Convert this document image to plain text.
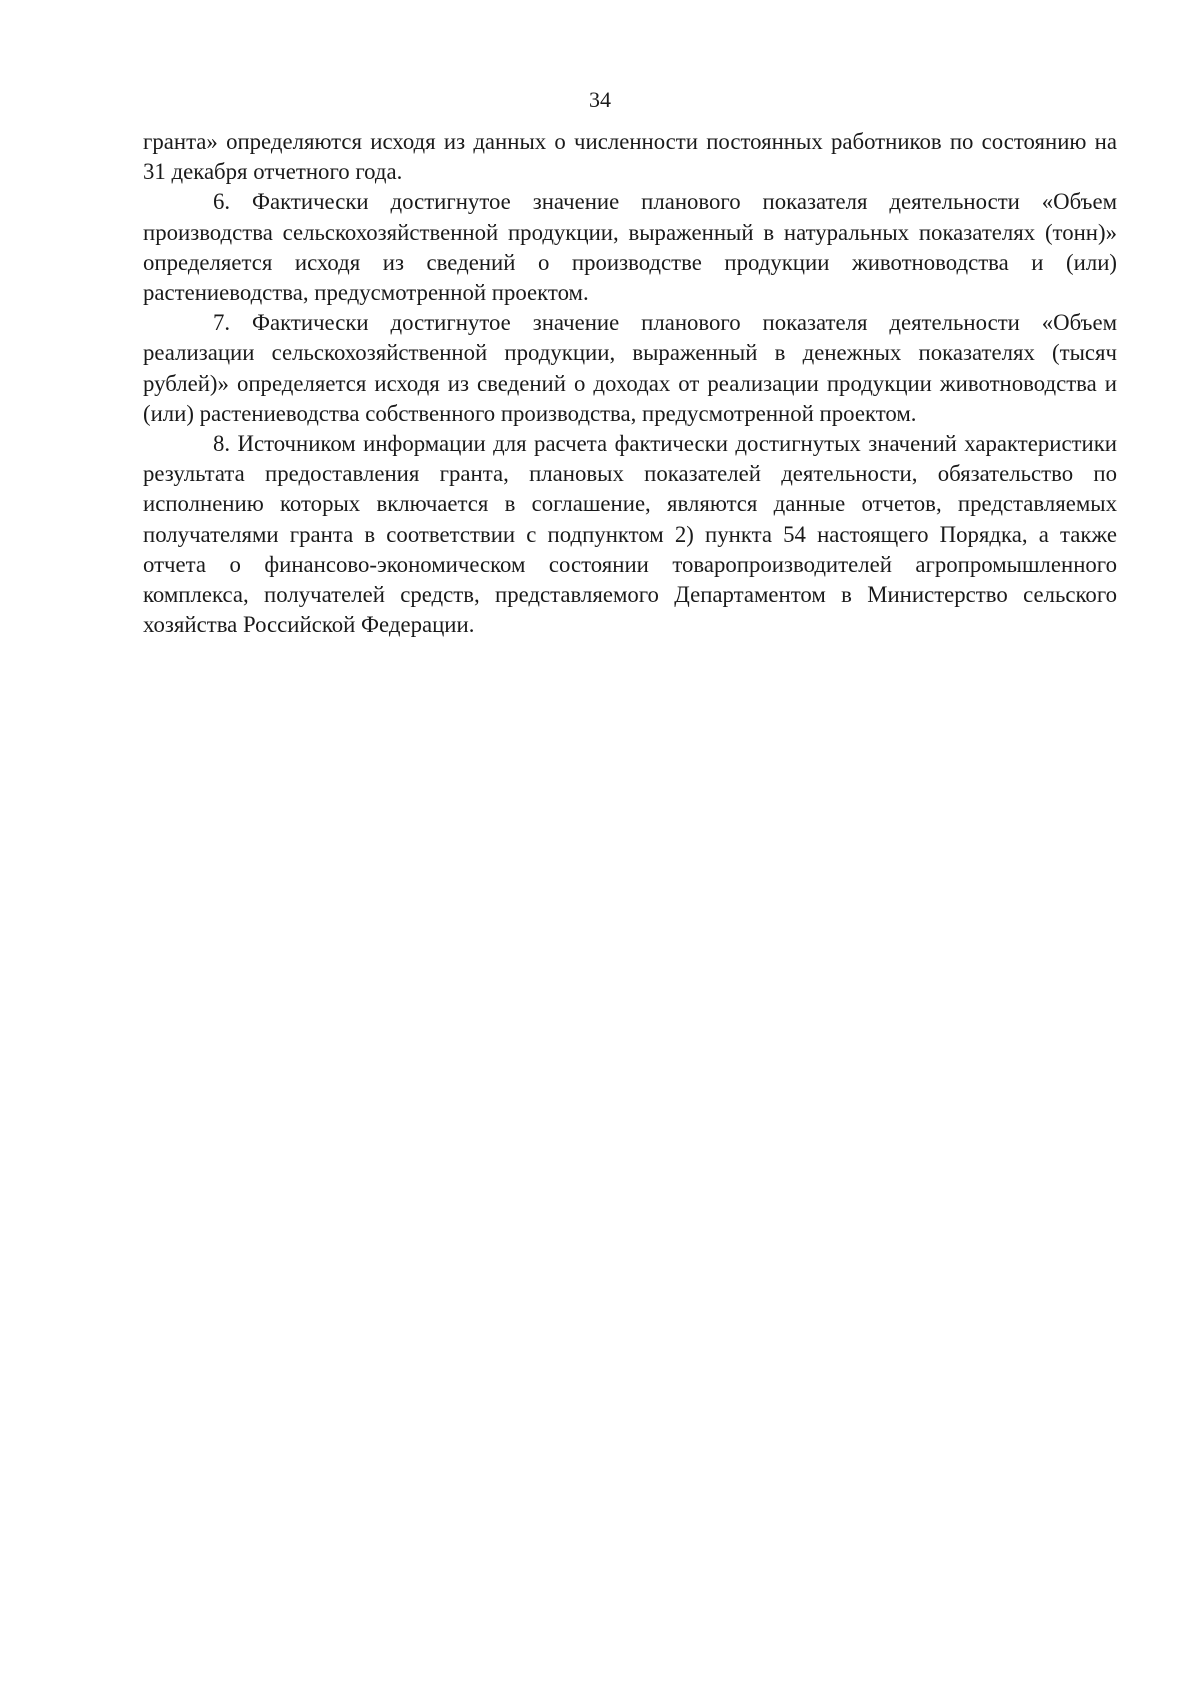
34

гранта» определяются исходя из данных о численности постоянных работников по состоянию на 31 декабря отчетного года.

6. Фактически достигнутое значение планового показателя деятельности «Объем производства сельскохозяйственной продукции, выраженный в натуральных показателях (тонн)» определяется исходя из сведений о производстве продукции животноводства и (или) растениеводства, предусмотренной проектом.

7. Фактически достигнутое значение планового показателя деятельности «Объем реализации сельскохозяйственной продукции, выраженный в денежных показателях (тысяч рублей)» определяется исходя из сведений о доходах от реализации продукции животноводства и (или) растениеводства собственного производства, предусмотренной проектом.

8. Источником информации для расчета фактически достигнутых значений характеристики результата предоставления гранта, плановых показателей деятельности, обязательство по исполнению которых включается в соглашение, являются данные отчетов, представляемых получателями гранта в соответствии с подпунктом 2) пункта 54 настоящего Порядка, а также отчета о финансово-экономическом состоянии товаропроизводителей агропромышленного комплекса, получателей средств, представляемого Департаментом в Министерство сельского хозяйства Российской Федерации.
